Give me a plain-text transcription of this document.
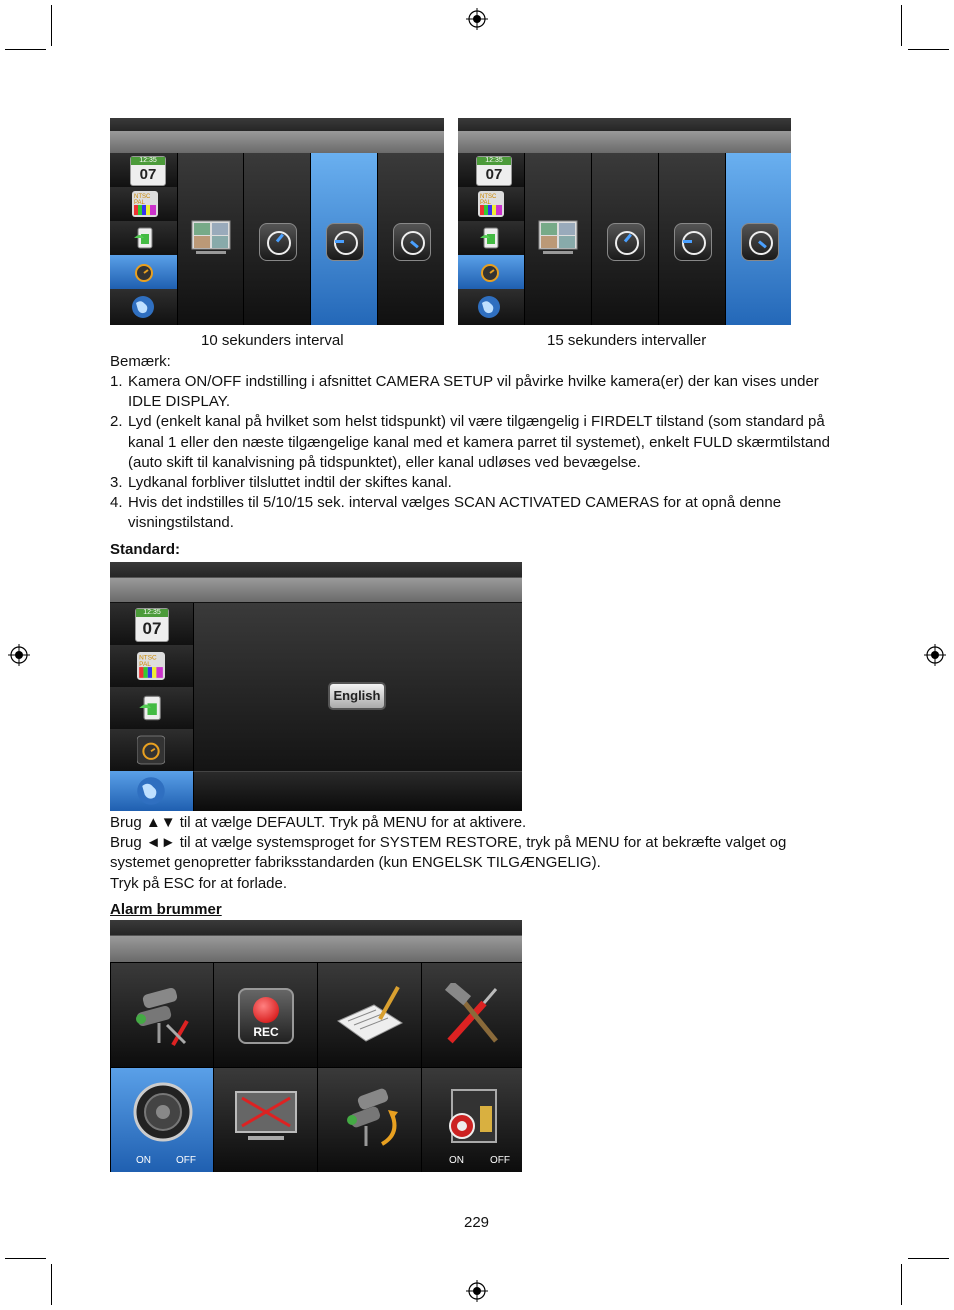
12:35
07
NTSC
PAL
12:35
07
NTSC
PAL
10 sekunders interval	15 sekunders intervaller
Bemærk:
1. Kamera ON/OFF indstilling i afsnittet CAMERA SETUP vil påvirke hvilke kamera(er) der kan vises under IDLE DISPLAY.
2. Lyd (enkelt kanal på hvilket som helst tidspunkt) vil være tilgængelig i FIRDELT tilstand (som standard på kanal 1 eller den næste tilgængelige kanal med et kamera parret til systemet), enkelt FULD skærmtilstand (auto skift til kanalvisning på tidspunktet), eller kanal udløses ved bevægelse.
3. Lydkanal forbliver tilsluttet indtil der skiftes kanal.
4. Hvis det indstilles til 5/10/15 sek. interval vælges SCAN ACTIVATED CAMERAS for at opnå denne visningstilstand.
Standard:
12:35
07
NTSC
PAL
English
Brug ▲▼ til at vælge DEFAULT. Tryk på MENU for at aktivere.
Brug ◄► til at vælge systemsproget for SYSTEM RESTORE, tryk på MENU for at bekræfte valget og
systemet genopretter fabriksstandarden (kun ENGELSK TILGÆNGELIG).
Tryk på ESC for at forlade.
Alarm brummer
REC
ON	OFF	ON	OFF
229
